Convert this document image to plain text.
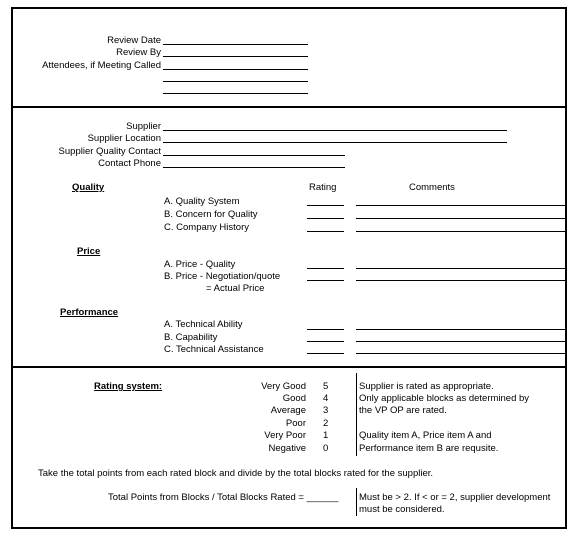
Review Date
Review By
Attendees, if Meeting Called
Supplier
Supplier Location
Supplier Quality Contact
Contact Phone
Rating	Comments
Quality
A. Quality System
B. Concern for Quality
C. Company History
Price
A. Price - Quality
B. Price - Negotiation/quote
= Actual Price
Performance
A. Technical Ability
B. Capability
C. Technical Assistance
Rating system:	Very Good
Good
Average
Poor
Very Poor
Negative
5
4
3
2
1
0
Supplier is rated as appropriate.
Only applicable blocks as determined by
the VP OP are rated.
Quality item A, Price item A and
Performance item B are requsite.
Take the total points from each rated block and divide by the total blocks rated for the supplier.
Total Points from Blocks / Total Blocks Rated = ______ Must be > 2. If < or = 2, supplier development
must be considered.
